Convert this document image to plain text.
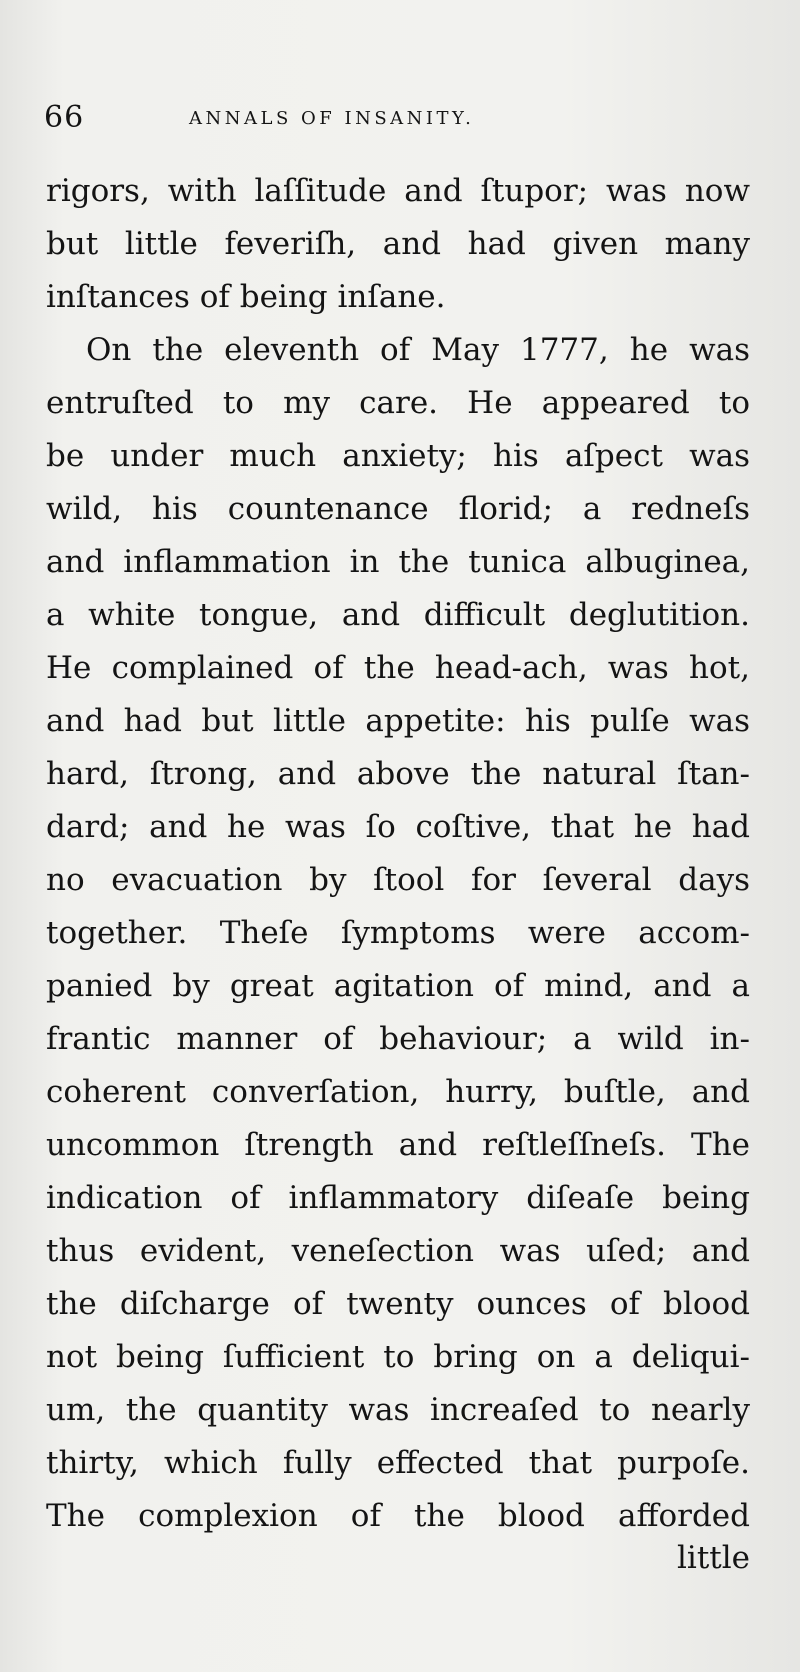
66	ANNALS OF INSANITY.
rigors, with laſſitude and ſtupor; was now
but little feveriſh, and had given many
inſtances of being inſane.
On the eleventh of May 1777, he was
entruſted to my care. He appeared to
be under much anxiety; his aſpect was
wild, his countenance florid; a redneſs
and inflammation in the tunica albuginea,
a white tongue, and difficult deglutition.
He complained of the head-ach, was hot,
and had but little appetite: his pulſe was
hard, ſtrong, and above the natural ſtan-
dard; and he was ſo coſtive, that he had
no evacuation by ſtool for ſeveral days
together. Theſe ſymptoms were accom-
panied by great agitation of mind, and a
frantic manner of behaviour; a wild in-
coherent converſation, hurry, buſtle, and
uncommon ſtrength and reſtleſſneſs. The
indication of inflammatory diſeaſe being
thus evident, veneſection was uſed; and
the diſcharge of twenty ounces of blood
not being ſufficient to bring on a deliqui-
um, the quantity was increaſed to nearly
thirty, which fully effected that purpoſe.
The complexion of the blood afforded
little
